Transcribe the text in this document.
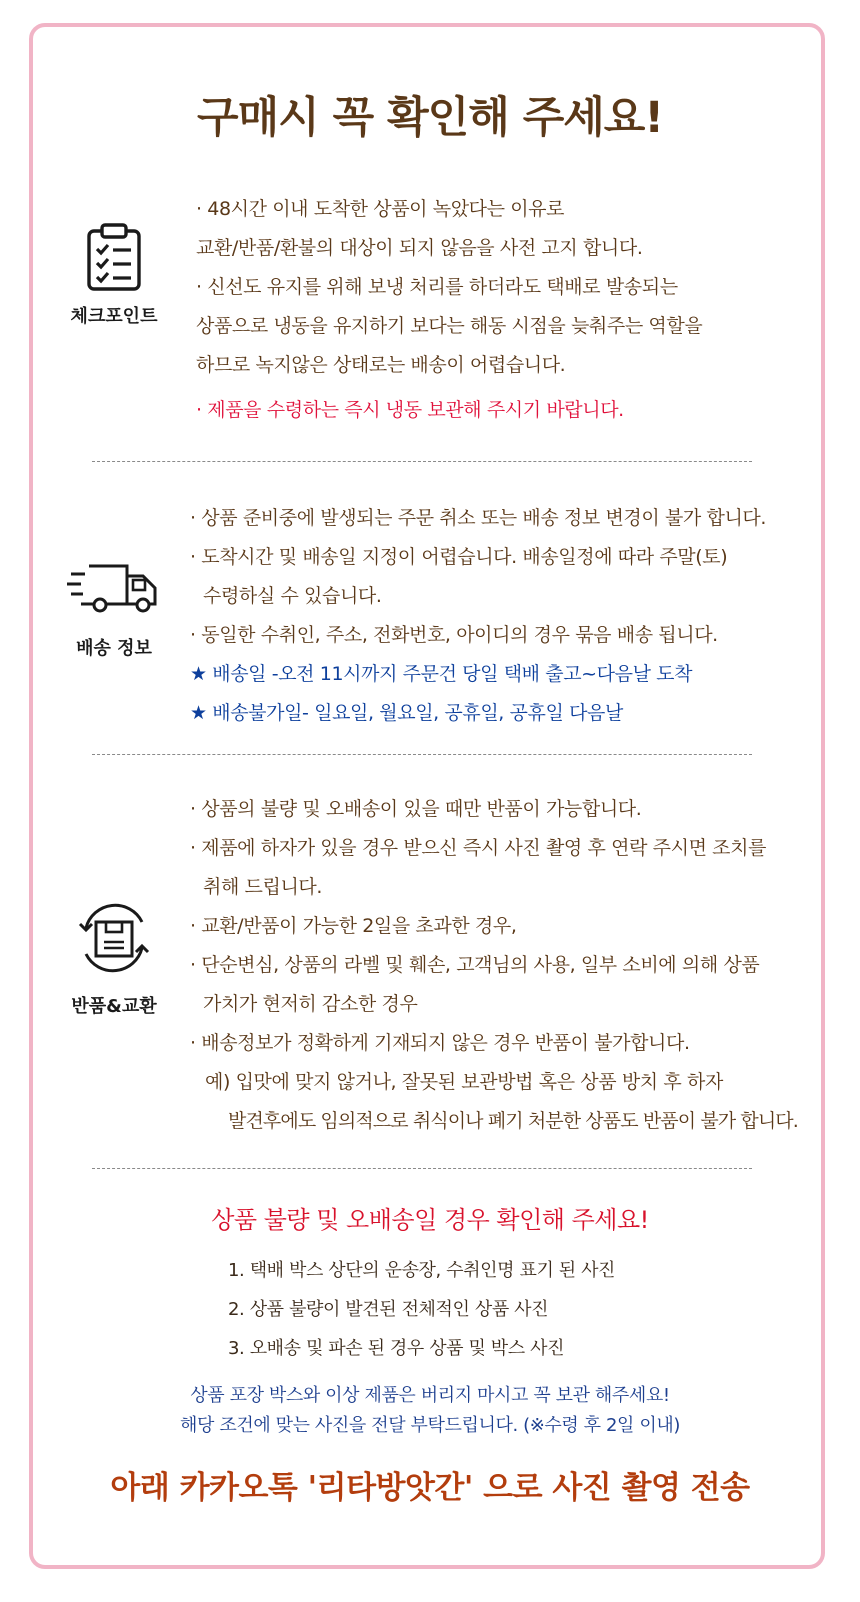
구매시 꼭 확인해 주세요!
체크포인트
· 48시간 이내 도착한 상품이 녹았다는 이유로
교환/반품/환불의 대상이 되지 않음을 사전 고지 합니다.
· 신선도 유지를 위해 보냉 처리를 하더라도 택배로 발송되는
상품으로 냉동을 유지하기 보다는 해동 시점을 늦춰주는 역할을
하므로 녹지않은 상태로는 배송이 어렵습니다.
· 제품을 수령하는 즉시 냉동 보관해 주시기 바랍니다.
배송 정보
· 상품 준비중에 발생되는 주문 취소 또는 배송 정보 변경이 불가 합니다.
· 도착시간 및 배송일 지정이 어렵습니다. 배송일정에 따라 주말(토)
수령하실 수 있습니다.
· 동일한 수취인, 주소, 전화번호, 아이디의 경우 묶음 배송 됩니다.
★ 배송일 -오전 11시까지 주문건 당일 택배 출고~다음날 도착
★ 배송불가일- 일요일, 월요일, 공휴일, 공휴일 다음날
반품&교환
· 상품의 불량 및 오배송이 있을 때만 반품이 가능합니다.
· 제품에 하자가 있을 경우 받으신 즉시 사진 촬영 후 연락 주시면 조치를
취해 드립니다.
· 교환/반품이 가능한 2일을 초과한 경우,
· 단순변심, 상품의 라벨 및 훼손, 고객님의 사용, 일부 소비에 의해 상품
가치가 현저히 감소한 경우
· 배송정보가 정확하게 기재되지 않은 경우 반품이 불가합니다.
예) 입맛에 맞지 않거나, 잘못된 보관방법 혹은 상품 방치 후 하자
발견후에도 임의적으로 취식이나 폐기 처분한 상품도 반품이 불가 합니다.
상품 불량 및 오배송일 경우 확인해 주세요!
1. 택배 박스 상단의 운송장, 수취인명 표기 된 사진
2. 상품 불량이 발견된 전체적인 상품 사진
3. 오배송 및 파손 된 경우 상품 및 박스 사진
상품 포장 박스와 이상 제품은 버리지 마시고 꼭 보관 해주세요!
해당 조건에 맞는 사진을 전달 부탁드립니다. (※수령 후 2일 이내)
아래 카카오톡 '리타방앗간' 으로 사진 촬영 전송
